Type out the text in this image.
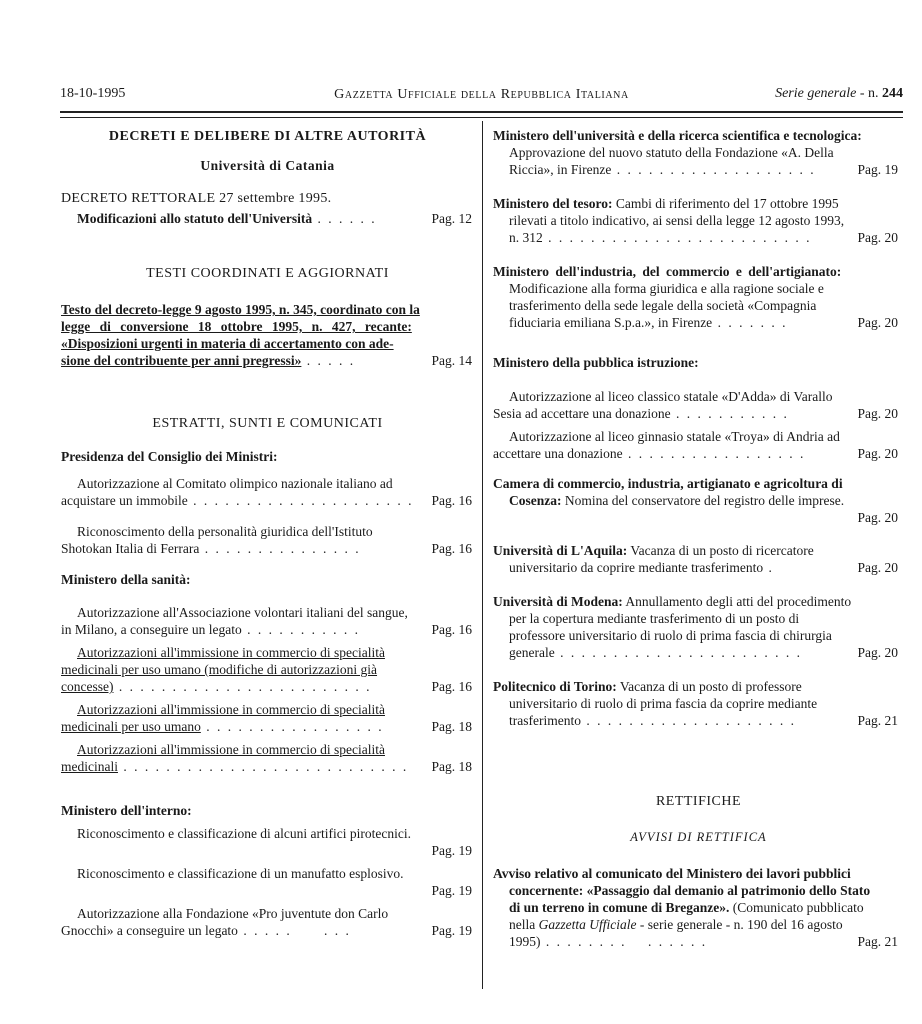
18-10-1995	Gazzetta Ufficiale della Repubblica Italiana	Serie generale - n. 244

DECRETI E DELIBERE DI ALTRE AUTORITÀ

Università di Catania

DECRETO RETTORALE 27 settembre 1995.

Modificazioni allo statuto dell'Università . . . . . .	Pag. 12

TESTI COORDINATI E AGGIORNATI

Testo del decreto-legge 9 agosto 1995, n. 345, coordinato con la

legge di conversione 18 ottobre 1995, n. 427, recante:

«Disposizioni urgenti in materia di accertamento con ade-

sione del contribuente per anni pregressi» . . . . .	Pag. 14

ESTRATTI, SUNTI E COMUNICATI

Presidenza del Consiglio dei Ministri:

Autorizzazione al Comitato olimpico nazionale italiano ad

acquistare un immobile . . . . . . . . . . . . . . . . . . . . . Pag. 16

Riconoscimento della personalità giuridica dell'Istituto

Shotokan Italia di Ferrara . . . . . . . . . . . . . . .	Pag. 16

Ministero della sanità:

Autorizzazione all'Associazione volontari italiani del sangue,

in Milano, a conseguire un legato . . . . . . . . . . .	Pag. 16

Autorizzazioni all'immissione in commercio di specialità

medicinali per uso umano (modifiche di autorizzazioni già

concesse) . . . . . . . . . . . . . . . . . . . . . . . .	Pag. 16

Autorizzazioni all'immissione in commercio di specialità

medicinali per uso umano . . . . . . . . . . . . . . . . .	Pag. 18

Autorizzazioni all'immissione in commercio di specialità

medicinali . . . . . . . . . . . . . . . . . . . . . . . . . . . Pag. 18

Ministero dell'interno:

Riconoscimento e classificazione di alcuni artifici pirotecnici.

Pag. 19

Riconoscimento e classificazione di un manufatto esplosivo.

Pag. 19

Autorizzazione alla Fondazione «Pro juventute don Carlo

Gnocchi» a conseguire un legato . . . . .      . . .	Pag. 19

Ministero dell'università e della ricerca scientifica e tecnologica:

Approvazione del nuovo statuto della Fondazione «A. Della

Riccia», in Firenze . . . . . . . . . . . . . . . . . . .	Pag. 19

Ministero del tesoro: Cambi di riferimento del 17 ottobre 1995

rilevati a titolo indicativo, ai sensi della legge 12 agosto 1993,

n. 312 . . . . . . . . . . . . . . . . . . . . . . . . .	Pag. 20

Ministero dell'industria, del commercio e dell'artigianato:

Modificazione alla forma giuridica e alla ragione sociale e

trasferimento della sede legale della società «Compagnia

fiduciaria emiliana S.p.a.», in Firenze . . . . . . .	Pag. 20

Ministero della pubblica istruzione:

Autorizzazione al liceo classico statale «D'Adda» di Varallo

Sesia ad accettare una donazione . . . . . . . . . . .	Pag. 20

Autorizzazione al liceo ginnasio statale «Troya» di Andria ad

accettare una donazione . . . . . . . . . . . . . . . . .	Pag. 20

Camera di commercio, industria, artigianato e agricoltura di

Cosenza: Nomina del conservatore del registro delle imprese.

Pag. 20

Università di L'Aquila: Vacanza di un posto di ricercatore

universitario da coprire mediante trasferimento .	Pag. 20

Università di Modena: Annullamento degli atti del procedimento

per la copertura mediante trasferimento di un posto di

professore universitario di ruolo di prima fascia di chirurgia

generale . . . . . . . . . . . . . . . . . . . . . . .	Pag. 20

Politecnico di Torino: Vacanza di un posto di professore

universitario di ruolo di prima fascia da coprire mediante

trasferimento . . . . . . . . . . . . . . . . . . . .	Pag. 21

RETTIFICHE

AVVISI DI RETTIFICA

Avviso relativo al comunicato del Ministero dei lavori pubblici

concernente: «Passaggio dal demanio al patrimonio dello Stato

di un terreno in comune di Breganze». (Comunicato pubblicato

nella Gazzetta Ufficiale - serie generale - n. 190 del 16 agosto

1995) . . . . . . . .    . . . . . .	Pag. 21
